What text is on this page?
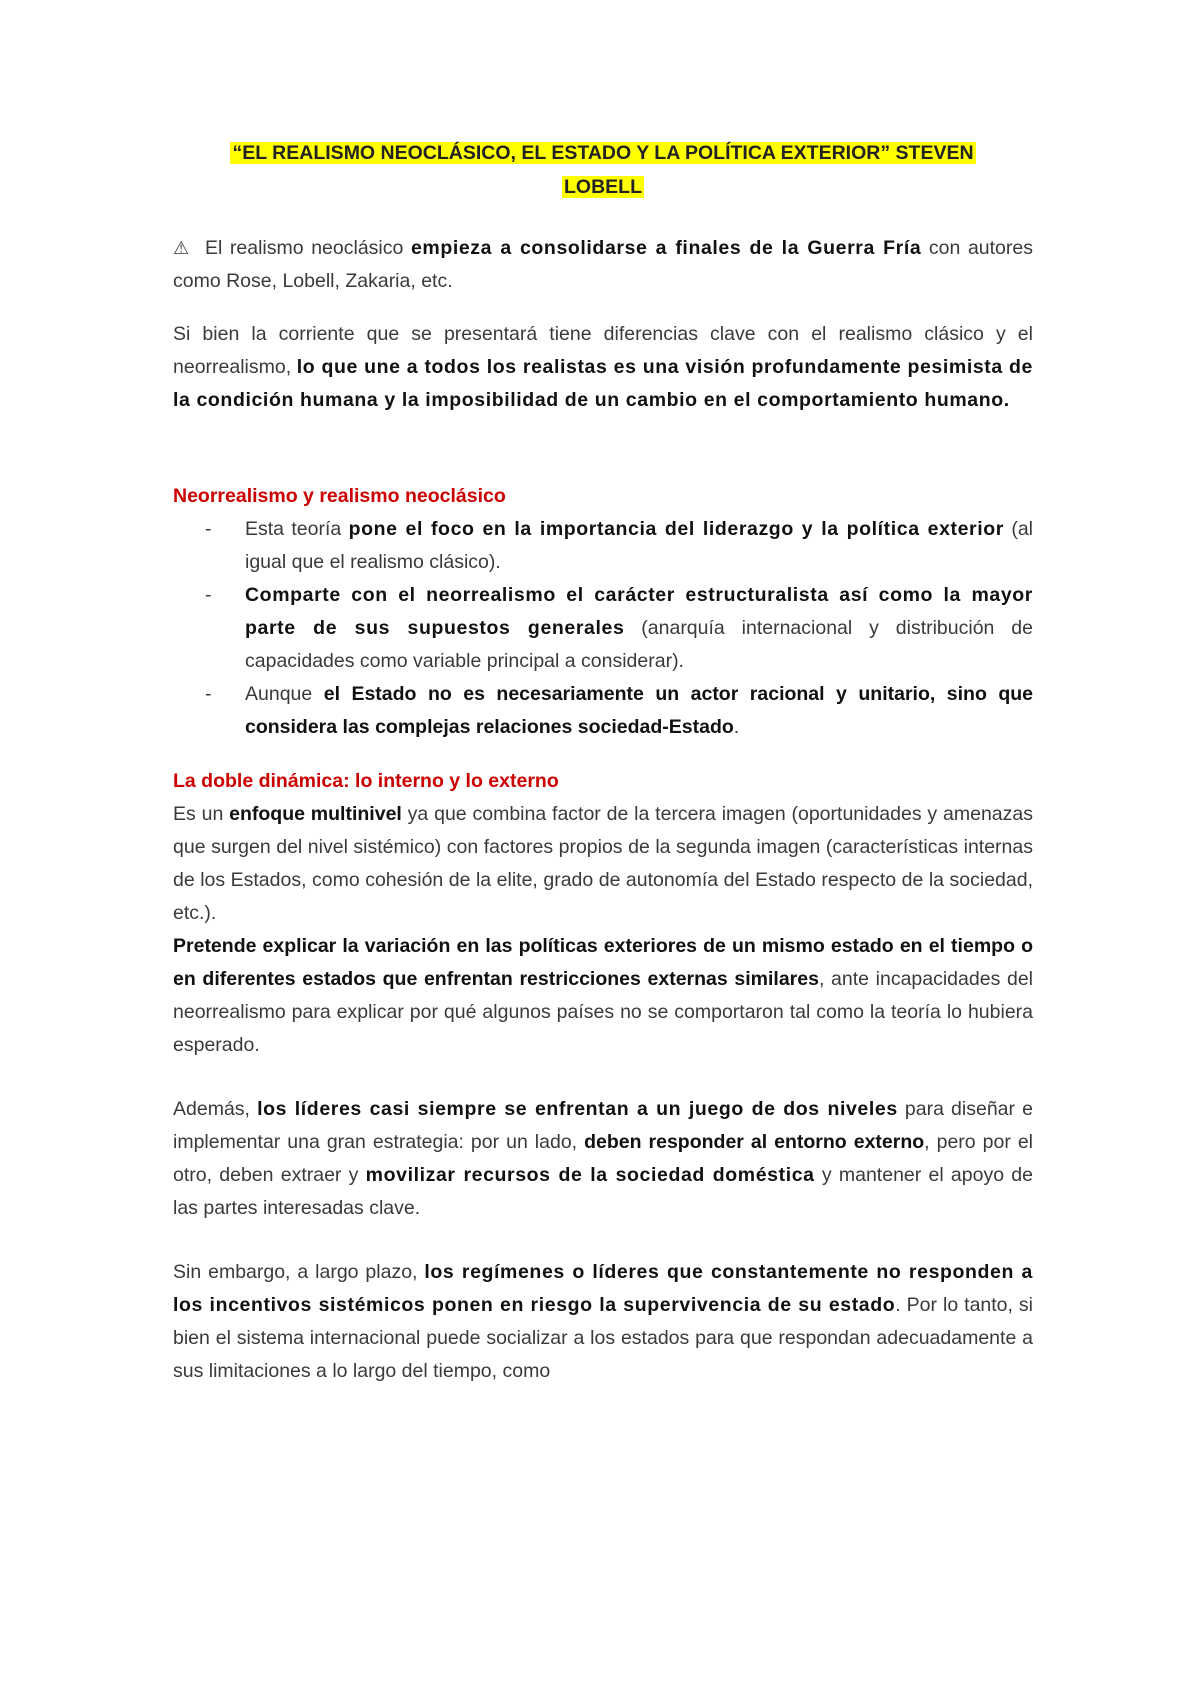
“EL REALISMO NEOCLÁSICO, EL ESTADO Y LA POLÍTICA EXTERIOR” STEVEN
LOBELL

⚠ El realismo neoclásico empieza a consolidarse a finales de la Guerra Fría con autores como Rose, Lobell, Zakaria, etc.

Si bien la corriente que se presentará tiene diferencias clave con el realismo clásico y el neorrealismo, lo que une a todos los realistas es una visión profundamente pesimista de la condición humana y la imposibilidad de un cambio en el comportamiento humano.

Neorrealismo y realismo neoclásico
- Esta teoría pone el foco en la importancia del liderazgo y la política exterior (al igual que el realismo clásico).
- Comparte con el neorrealismo el carácter estructuralista así como la mayor parte de sus supuestos generales (anarquía internacional y distribución de capacidades como variable principal a considerar).
- Aunque el Estado no es necesariamente un actor racional y unitario, sino que considera las complejas relaciones sociedad-Estado.
La doble dinámica: lo interno y lo externo

Es un enfoque multinivel ya que combina factor de la tercera imagen (oportunidades y amenazas que surgen del nivel sistémico) con factores propios de la segunda imagen (características internas de los Estados, como cohesión de la elite, grado de autonomía del Estado respecto de la sociedad, etc.).

Pretende explicar la variación en las políticas exteriores de un mismo estado en el tiempo o en diferentes estados que enfrentan restricciones externas similares, ante incapacidades del neorrealismo para explicar por qué algunos países no se comportaron tal como la teoría lo hubiera esperado.

Además, los líderes casi siempre se enfrentan a un juego de dos niveles para diseñar e implementar una gran estrategia: por un lado, deben responder al entorno externo, pero por el otro, deben extraer y movilizar recursos de la sociedad doméstica y mantener el apoyo de las partes interesadas clave.

Sin embargo, a largo plazo, los regímenes o líderes que constantemente no responden a los incentivos sistémicos ponen en riesgo la supervivencia de su estado. Por lo tanto, si bien el sistema internacional puede socializar a los estados para que respondan adecuadamente a sus limitaciones a lo largo del tiempo, como
